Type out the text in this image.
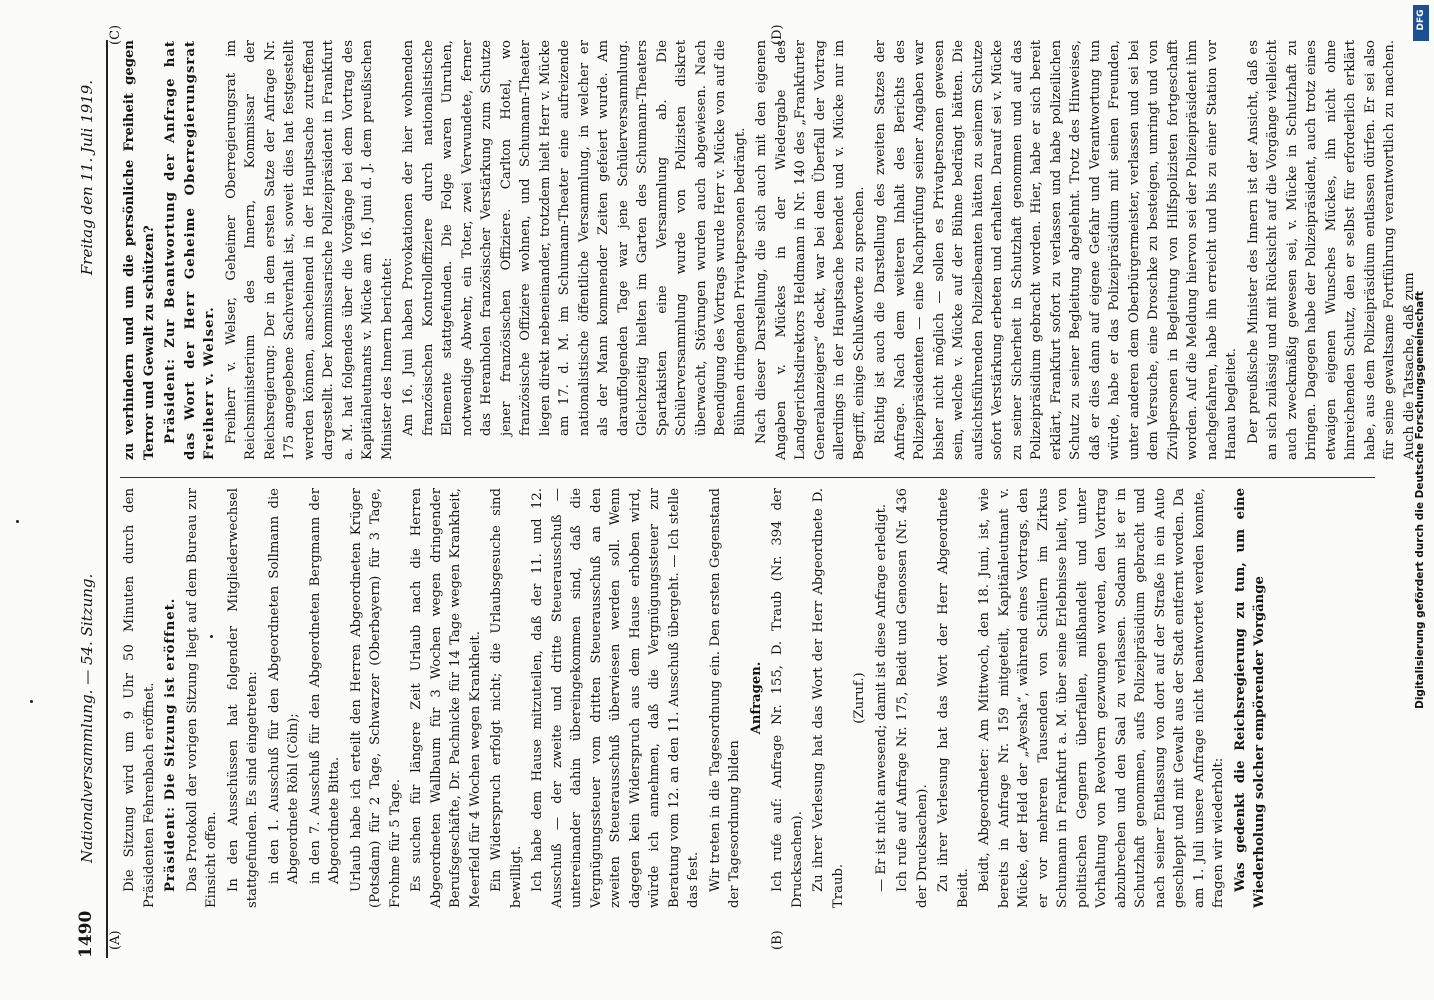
1490
Nationalversammlung. — 54. Sitzung.
Freitag den 11. Juli 1919.
(A)	(B)
(C)	(D)

Die Sitzung wird um 9 Uhr 50 Minuten durch den Präsidenten Fehrenbach eröffnet. Präsident: Die Sitzung ist eröffnet. Das Protokoll der vorigen Sitzung liegt auf dem Bureau zur Einsicht offen. In den Ausschüssen hat folgender Mitgliederwechsel stattgefunden. Es sind eingetreten: in den 1. Ausschuß für den Abgeordneten Sollmann die Abgeordnete Röhl (Cöln); in den 7. Ausschuß für den Abgeordneten Bergmann der Abgeordnete Bitta. Urlaub habe ich erteilt den Herren Abgeordneten Krüger (Potsdam) für 2 Tage, Schwarzer (Oberbayern) für 3 Tage, Frohme für 5 Tage. Es suchen für längere Zeit Urlaub nach die Herren Abgeordneten Wallbaum für 3 Wochen wegen dringender Berufsgeschäfte, Dr. Pachnicke für 14 Tage wegen Krankheit, Meerfeld für 4 Wochen wegen Krankheit. Ein Widerspruch erfolgt nicht; die Urlaubsgesuche sind bewilligt. Ich habe dem Hause mitzuteilen, daß der 11. und 12. Ausschuß — der zweite und dritte Steuerausschuß — untereinander dahin übereingekommen sind, daß die Vergnügungssteuer vom dritten Steuerausschuß an den zweiten Steuerausschuß überwiesen werden soll. Wenn dagegen kein Widerspruch aus dem Hause erhoben wird, würde ich annehmen, daß die Vergnügungssteuer zur Beratung vom 12. an den 11. Ausschuß übergeht. — Ich stelle das fest. Wir treten in die Tagesordnung ein. Den ersten Gegenstand der Tagesordnung bilden

Anfragen. Ich rufe auf: Anfrage Nr. 155, D. Traub (Nr. 394 der Drucksachen). Zu ihrer Verlesung hat das Wort der Herr Abgeordnete D. Traub.

(Zuruf.) — Er ist nicht anwesend; damit ist diese Anfrage erledigt. Ich rufe auf Anfrage Nr. 175, Beidt und Genossen (Nr. 436 der Drucksachen). Zu ihrer Verlesung hat das Wort der Herr Abgeordnete Beidt. Beidt, Abgeordneter: Am Mittwoch, den 18. Juni, ist, wie bereits in Anfrage Nr. 159 mitgeteilt, Kapitänleutnant v. Mücke, der Held der „Ayesha“, während eines Vortrags, den er vor mehreren Tausenden von Schülern im Zirkus Schumann in Frankfurt a. M. über seine Erlebnisse hielt, von politischen Gegnern überfallen, mißhandelt und unter Vorhaltung von Revolvern gezwungen worden, den Vortrag abzubrechen und den Saal zu verlassen. Sodann ist er in Schutzhaft genommen, aufs Polizeipräsidium gebracht und nach seiner Entlassung von dort auf der Straße in ein Auto geschleppt und mit Gewalt aus der Stadt entfernt worden. Da am 1. Juli unsere Anfrage nicht beantwortet werden konnte, fragen wir wiederholt: Was gedenkt die Reichsregierung zu tun, um eine Wiederholung solcher empörender Vorgänge

zu verhindern und um die persönliche Freiheit gegen Terror und Gewalt zu schützen? Präsident: Zur Beantwortung der Anfrage hat das Wort der Herr Geheime Oberregierungsrat Freiherr v. Welser. Freiherr v. Welser, Geheimer Oberregierungsrat im Reichsministerium des Innern, Kommissar der Reichsregierung: Der in dem ersten Satze der Anfrage Nr. 175 angegebene Sachverhalt ist, soweit dies hat festgestellt werden können, anscheinend in der Hauptsache zutreffend dargestellt. Der kommissarische Polizeipräsident in Frankfurt a. M. hat folgendes über die Vorgänge bei dem Vortrag des Kapitänleutnants v. Mücke am 16. Juni d. J. dem preußischen Minister des Innern berichtet: Am 16. Juni haben Provokationen der hier wohnenden französischen Kontrolloffiziere durch nationalistische Elemente stattgefunden. Die Folge waren Unruhen, notwendige Abwehr, ein Toter, zwei Verwundete, ferner das Heranholen französischer Verstärkung zum Schutze jener französischen Offiziere. Carlton Hotel, wo französische Offiziere wohnen, und Schumann-Theater liegen direkt nebeneinander, trotzdem hielt Herr v. Mücke am 17. d. M. im Schumann-Theater eine aufreizende nationalistische öffentliche Versammlung, in welcher er als der Mann kommender Zeiten gefeiert wurde. Am darauffolgenden Tage war jene Schülerversammlung. Gleichzeitig hielten im Garten des Schumann-Theaters Spartakisten eine Versammlung ab. Die Schülerversammlung wurde von Polizisten diskret überwacht, Störungen wurden auch abgewiesen. Nach Beendigung des Vortrags wurde Herr v. Mücke von auf die Bühnen dringenden Privatpersonen bedrängt. Nach dieser Darstellung, die sich auch mit den eigenen Angaben v. Mückes in der Wiedergabe des Landgerichtsdirektors Heldmann in Nr. 140 des „Frankfurter Generalanzeigers“ deckt, war bei dem Überfall der Vortrag allerdings in der Hauptsache beendet und v. Mücke nur im Begriff, einige Schlußworte zu sprechen. Richtig ist auch die Darstellung des zweiten Satzes der Anfrage. Nach dem weiteren Inhalt des Berichts des Polizeipräsidenten — eine Nachprüfung seiner Angaben war bisher nicht möglich — sollen es Privatpersonen gewesen sein, welche v. Mücke auf der Bühne bedrängt hätten. Die aufsichtsführenden Polizeibeamten hätten zu seinem Schutze sofort Verstärkung erbeten und erhalten. Darauf sei v. Mücke zu seiner Sicherheit in Schutzhaft genommen und auf das Polizeipräsidium gebracht worden. Hier, habe er sich bereit erklärt, Frankfurt sofort zu verlassen und habe polizeilichen Schutz zu seiner Begleitung abgelehnt. Trotz des Hinweises, daß er dies dann auf eigene Gefahr und Verantwortung tun würde, habe er das Polizeipräsidium mit seinen Freunden, unter anderen dem Oberbürgermeister, verlassen und sei bei dem Versuche, eine Droschke zu besteigen, umringt und von Zivilpersonen in Begleitung von Hilfspolizisten fortgeschafft worden. Auf die Meldung hiervon sei der Polizeipräsident ihm nachgefahren, habe ihn erreicht und bis zu einer Station vor Hanau begleitet. Der preußische Minister des Innern ist der Ansicht, daß es an sich zulässig und mit Rücksicht auf die Vorgänge vielleicht auch zweckmäßig gewesen sei, v. Mücke in Schutzhaft zu bringen. Dagegen habe der Polizeipräsident, auch trotz eines etwaigen eigenen Wunsches Mückes, ihn nicht ohne hinreichenden Schutz, den er selbst für erforderlich erklärt habe, aus dem Polizeipräsidium entlassen dürfen. Er sei also für seine gewaltsame Fortführung verantwortlich zu machen. Auch die Tatsache, daß zum

DFG
Digitalisierung gefördert durch die Deutsche Forschungsgemeinschaft
